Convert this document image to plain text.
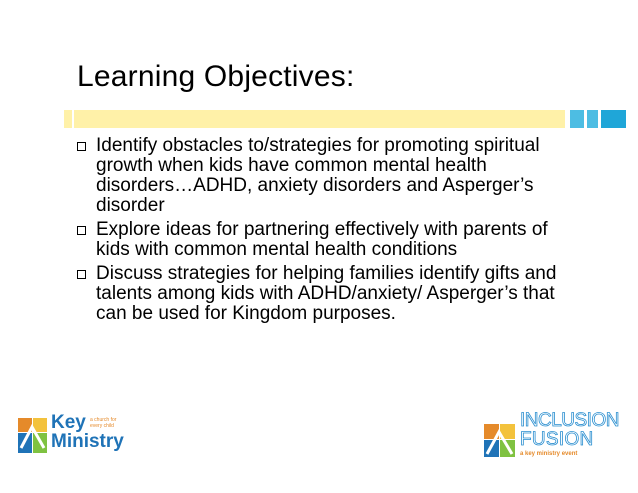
Learning Objectives:
Identify obstacles to/strategies for promoting spiritual growth when kids have common mental health disorders…ADHD, anxiety disorders and Asperger’s disorder
Explore ideas for partnering effectively with parents of kids with common mental health conditions
Discuss strategies for helping families identify gifts and talents among kids with ADHD/anxiety/ Asperger’s that can be used for Kingdom purposes.
Key a church for every child
Ministry
INCLUSION
FUSION
a key ministry event
